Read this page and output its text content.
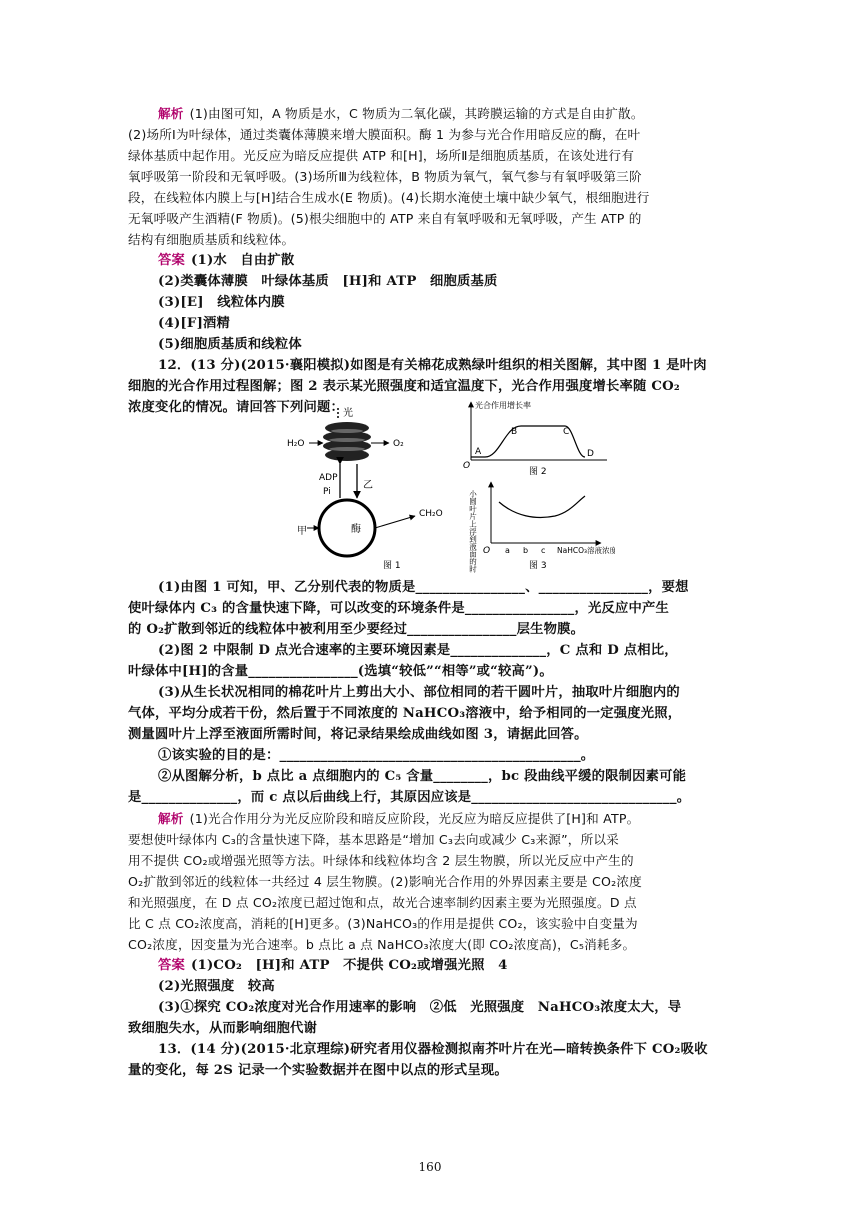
解析 (1)由图可知，A 物质是水，C 物质为二氧化碳，其跨膜运输的方式是自由扩散。
(2)场所Ⅰ为叶绿体，通过类囊体薄膜来增大膜面积。酶 1 为参与光合作用暗反应的酶，在叶
绿体基质中起作用。光反应为暗反应提供 ATP 和[H]，场所Ⅱ是细胞质基质，在该处进行有
氧呼吸第一阶段和无氧呼吸。(3)场所Ⅲ为线粒体，B 物质为氧气，氧气参与有氧呼吸第三阶
段，在线粒体内膜上与[H]结合生成水(E 物质)。(4)长期水淹使土壤中缺少氧气，根细胞进行
无氧呼吸产生酒精(F 物质)。(5)根尖细胞中的 ATP 来自有氧呼吸和无氧呼吸，产生 ATP 的
结构有细胞质基质和线粒体。
答案 (1)水　自由扩散
(2)类囊体薄膜　叶绿体基质　[H]和 ATP　细胞质基质
(3)[E]　线粒体内膜
(4)[F]酒精
(5)细胞质基质和线粒体
12．(13 分)(2015·襄阳模拟)如图是有关棉花成熟绿叶组织的相关图解，其中图 1 是叶肉
细胞的光合作用过程图解；图 2 表示某光照强度和适宜温度下，光合作用强度增长率随 CO₂
浓度变化的情况。请回答下列问题： 光
H₂O	O₂
ADP
Pi
乙
酶
甲
CH₂O
图 1
光合作用增长率
O
A
B	C
D
图 2
小圆叶片上浮到液面的时间 O a b c NaHCO₃溶液浓度
图 3
(1)由图 1 可知，甲、乙分别代表的物质是________________、________________，要想
使叶绿体内 C₃ 的含量快速下降，可以改变的环境条件是________________，光反应中产生
的 O₂扩散到邻近的线粒体中被利用至少要经过________________层生物膜。
(2)图 2 中限制 D 点光合速率的主要环境因素是______________，C 点和 D 点相比，
叶绿体中[H]的含量________________(选填“较低”“相等”或“较高”)。
(3)从生长状况相同的棉花叶片上剪出大小、部位相同的若干圆叶片，抽取叶片细胞内的
气体，平均分成若干份，然后置于不同浓度的 NaHCO₃溶液中，给予相同的一定强度光照，
测量圆叶片上浮至液面所需时间，将记录结果绘成曲线如图 3，请据此回答。
①该实验的目的是：____________________________________________。
②从图解分析，b 点比 a 点细胞内的 C₅ 含量________，bc 段曲线平缓的限制因素可能
是______________，而 c 点以后曲线上行，其原因应该是______________________________。
解析 (1)光合作用分为光反应阶段和暗反应阶段，光反应为暗反应提供了[H]和 ATP。
要想使叶绿体内 C₃的含量快速下降，基本思路是“增加 C₃去向或减少 C₃来源”，所以采
用不提供 CO₂或增强光照等方法。叶绿体和线粒体均含 2 层生物膜，所以光反应中产生的
O₂扩散到邻近的线粒体一共经过 4 层生物膜。(2)影响光合作用的外界因素主要是 CO₂浓度
和光照强度，在 D 点 CO₂浓度已超过饱和点，故光合速率制约因素主要为光照强度。D 点
比 C 点 CO₂浓度高，消耗的[H]更多。(3)NaHCO₃的作用是提供 CO₂，该实验中自变量为
CO₂浓度，因变量为光合速率。b 点比 a 点 NaHCO₃浓度大(即 CO₂浓度高)，C₅消耗多。
答案 (1)CO₂　[H]和 ATP　不提供 CO₂或增强光照　4
(2)光照强度　较高
(3)①探究 CO₂浓度对光合作用速率的影响　②低　光照强度　NaHCO₃浓度太大，导
致细胞失水，从而影响细胞代谢
13．(14 分)(2015·北京理综)研究者用仪器检测拟南芥叶片在光—暗转换条件下 CO₂吸收
量的变化，每 2S 记录一个实验数据并在图中以点的形式呈现。
160
